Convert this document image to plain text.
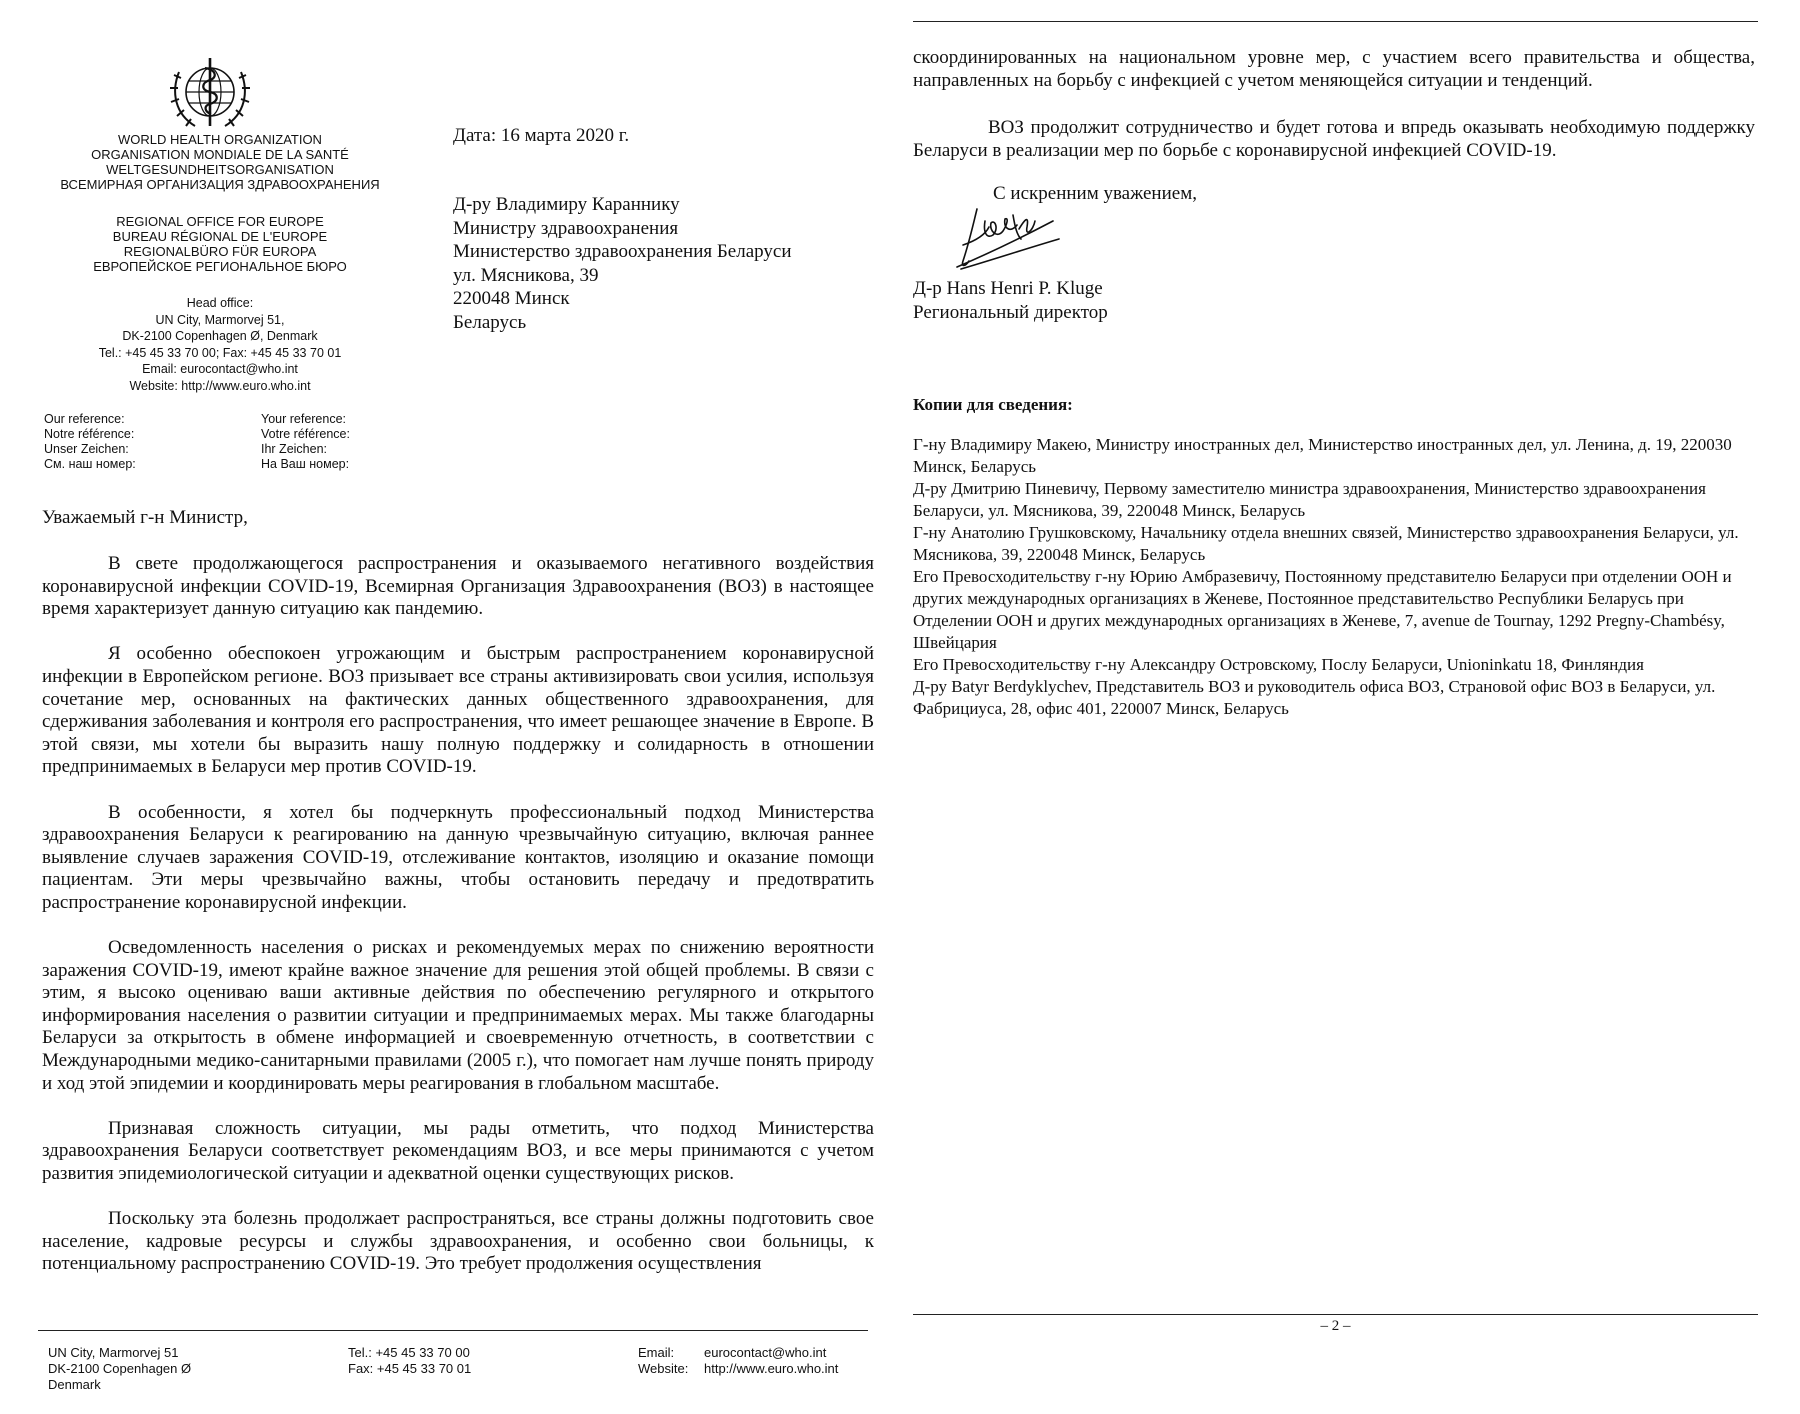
WORLD HEALTH ORGANIZATION
ORGANISATION MONDIALE DE LA SANTÉ
WELTGESUNDHEITSORGANISATION
ВСЕМИРНАЯ ОРГАНИЗАЦИЯ ЗДРАВООХРАНЕНИЯ
REGIONAL OFFICE FOR EUROPE
BUREAU RÉGIONAL DE L'EUROPE
REGIONALBÜRO FÜR EUROPA
ЕВРОПЕЙСКОЕ РЕГИОНАЛЬНОЕ БЮРО
Head office:
UN City, Marmorvej 51,
DK-2100 Copenhagen Ø, Denmark
Tel.: +45 45 33 70 00; Fax: +45 45 33 70 01
Email: eurocontact@who.int
Website: http://www.euro.who.int
Our reference:
Notre référence:
Unser Zeichen:
См. наш номер:
Your reference:
Votre référence:
Ihr Zeichen:
На Ваш номер:
Дата: 16 марта 2020 г.
Д-ру Владимиру Караннику
Министру здравоохранения
Министерство здравоохранения Беларуси
ул. Мясникова, 39
220048 Минск
Беларусь
Уважаемый г-н Министр,

В свете продолжающегося распространения и оказываемого негативного воздействия коронавирусной инфекции COVID-19, Всемирная Организация Здравоохранения (ВОЗ) в настоящее время характеризует данную ситуацию как пандемию.

Я особенно обеспокоен угрожающим и быстрым распространением коронавирусной инфекции в Европейском регионе. ВОЗ призывает все страны активизировать свои усилия, используя сочетание мер, основанных на фактических данных общественного здравоохранения, для сдерживания заболевания и контроля его распространения, что имеет решающее значение в Европе. В этой связи, мы хотели бы выразить нашу полную поддержку и солидарность в отношении предпринимаемых в Беларуси мер против COVID-19.

В особенности, я хотел бы подчеркнуть профессиональный подход Министерства здравоохранения Беларуси к реагированию на данную чрезвычайную ситуацию, включая раннее выявление случаев заражения COVID-19, отслеживание контактов, изоляцию и оказание помощи пациентам. Эти меры чрезвычайно важны, чтобы остановить передачу и предотвратить распространение коронавирусной инфекции.

Осведомленность населения о рисках и рекомендуемых мерах по снижению вероятности заражения COVID-19, имеют крайне важное значение для решения этой общей проблемы. В связи с этим, я высоко оцениваю ваши активные действия по обеспечению регулярного и открытого информирования населения о развитии ситуации и предпринимаемых мерах. Мы также благодарны Беларуси за открытость в обмене информацией и своевременную отчетность, в соответствии с Международными медико-санитарными правилами (2005 г.), что помогает нам лучше понять природу и ход этой эпидемии и координировать меры реагирования в глобальном масштабе.

Признавая сложность ситуации, мы рады отметить, что подход Министерства здравоохранения Беларуси соответствует рекомендациям ВОЗ, и все меры принимаются с учетом развития эпидемиологической ситуации и адекватной оценки существующих рисков.

Поскольку эта болезнь продолжает распространяться, все страны должны подготовить свое население, кадровые ресурсы и службы здравоохранения, и особенно свои больницы, к потенциальному распространению COVID-19. Это требует продолжения осуществления

UN City, Marmorvej 51
DK-2100 Copenhagen Ø
Denmark
Tel.: +45 45 33 70 00
Fax: +45 45 33 70 01
Email: eurocontact@who.int
Website: http://www.euro.who.int

скоординированных на национальном уровне мер, с участием всего правительства и общества, направленных на борьбу с инфекцией с учетом меняющейся ситуации и тенденций.

ВОЗ продолжит сотрудничество и будет готова и впредь оказывать необходимую поддержку Беларуси в реализации мер по борьбе с коронавирусной инфекцией COVID-19.

С искренним уважением,
Д-р Hans Henri P. Kluge
Региональный директор
Копии для сведения:
Г-ну Владимиру Макею, Министру иностранных дел, Министерство иностранных дел, ул. Ленина, д. 19, 220030 Минск, Беларусь
Д-ру Дмитрию Пиневичу, Первому заместителю министра здравоохранения, Министерство здравоохранения Беларуси, ул. Мясникова, 39, 220048 Минск, Беларусь
Г-ну Анатолию Грушковскому, Начальнику отдела внешних связей, Министерство здравоохранения Беларуси, ул. Мясникова, 39, 220048 Минск, Беларусь
Его Превосходительству г-ну Юрию Амбразевичу, Постоянному представителю Беларуси при отделении ООН и других международных организациях в Женеве, Постоянное представительство Республики Беларусь при Отделении ООН и других международных организациях в Женеве, 7, avenue de Tournay, 1292 Pregny-Chambésy, Швейцария
Его Превосходительству г-ну Александру Островскому, Послу Беларуси, Unioninkatu 18, Финляндия
Д-ру Batyr Berdyklychev, Представитель ВОЗ и руководитель офиса ВОЗ, Страновой офис ВОЗ в Беларуси, ул. Фабрициуса, 28, офис 401, 220007 Минск, Беларусь
– 2 –
